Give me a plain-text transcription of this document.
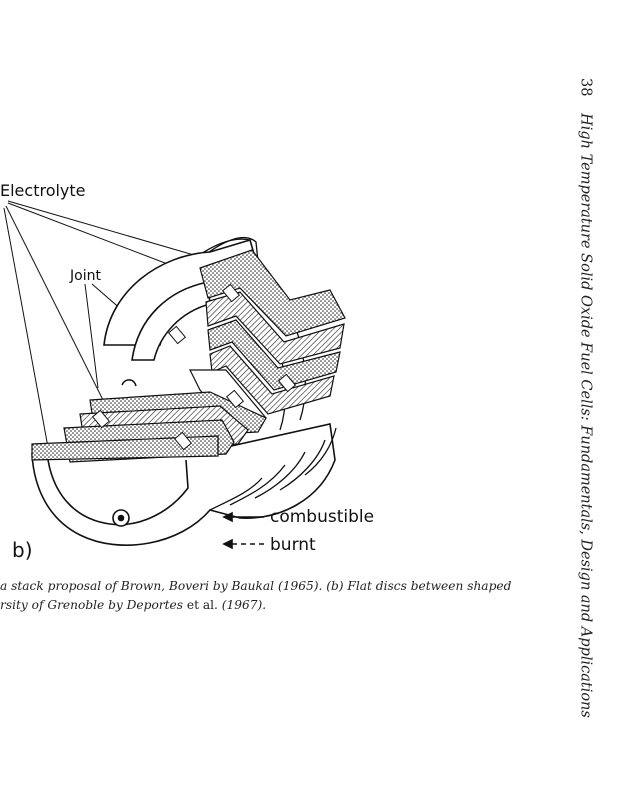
Electrolyte
Joint
b)
combustible
burnt
a stack proposal of Brown, Boveri by Baukal (1965). (b) Flat discs between shaped
rsity of Grenoble by Deportes et al. (1967).
38 High Temperature Solid Oxide Fuel Cells: Fundamentals, Design and Applications
